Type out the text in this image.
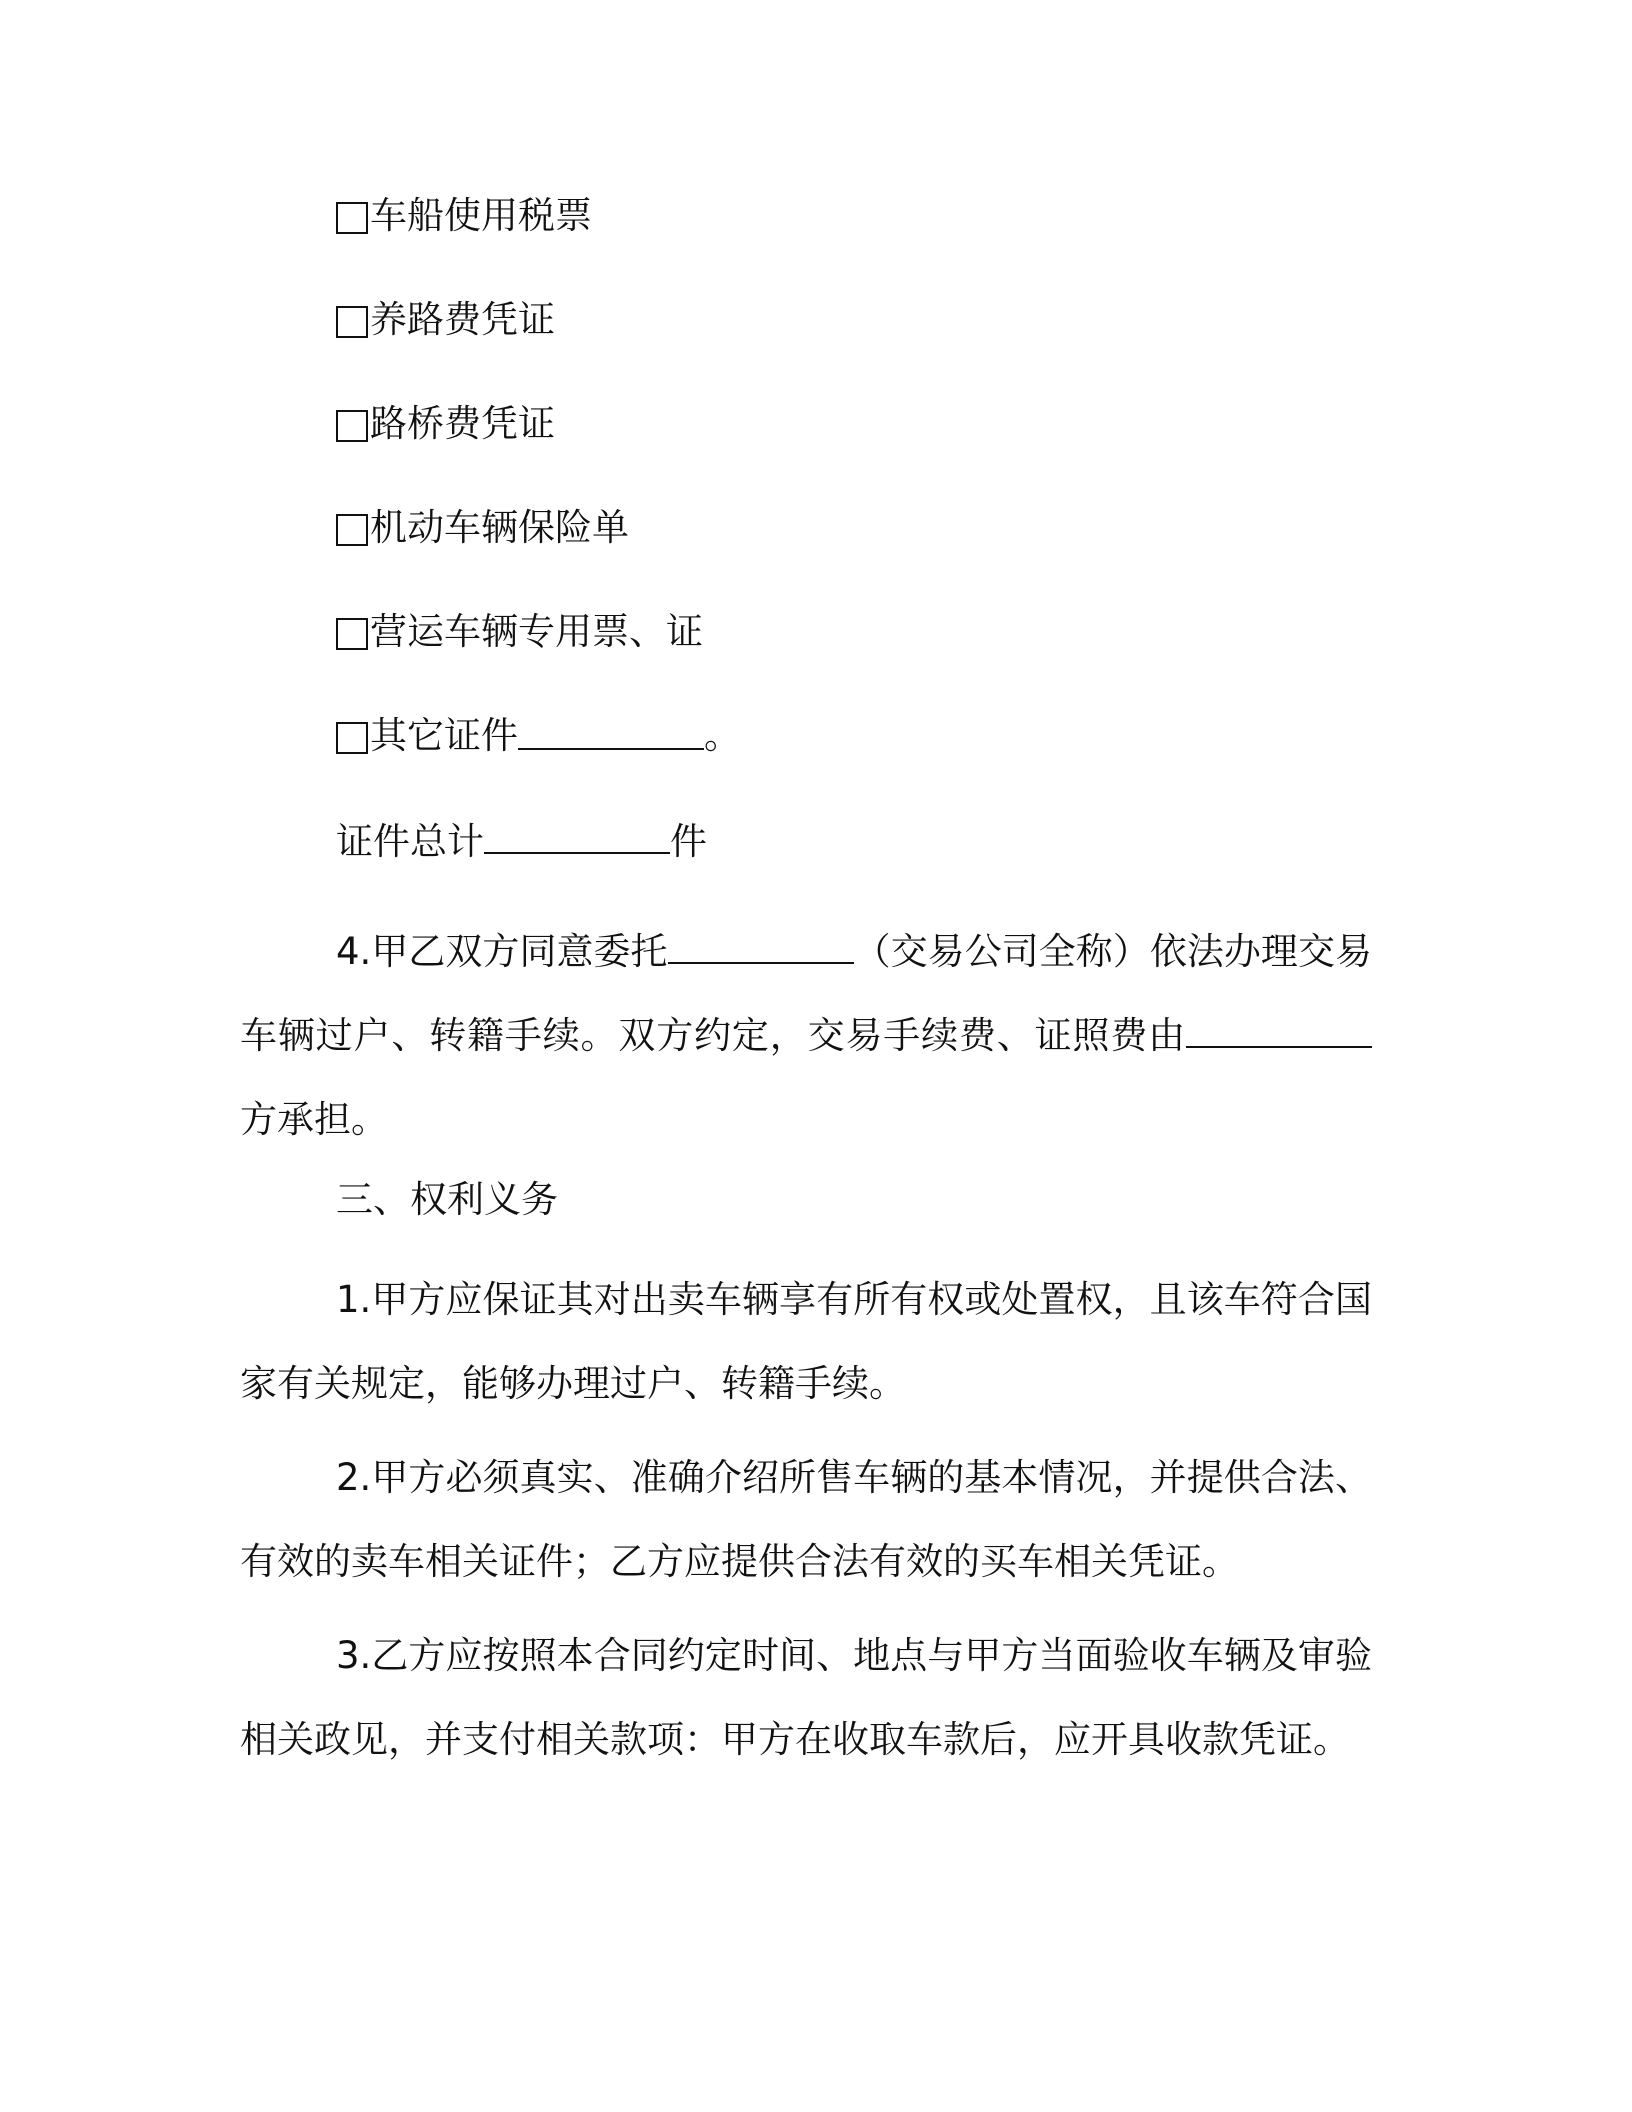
车船使用税票
养路费凭证
路桥费凭证
机动车辆保险单
营运车辆专用票、证
其它证件	。
证件总计	件

4.甲乙双方同意委托	（交易公司全称）依法办理交易车辆过户、转籍手续。双方约定，交易手续费、证照费由方承担。

三、权利义务

1.甲方应保证其对出卖车辆享有所有权或处置权，且该车符合国家有关规定，能够办理过户、转籍手续。

2.甲方必须真实、准确介绍所售车辆的基本情况，并提供合法、有效的卖车相关证件；乙方应提供合法有效的买车相关凭证。

3.乙方应按照本合同约定时间、地点与甲方当面验收车辆及审验相关政见，并支付相关款项：甲方在收取车款后，应开具收款凭证。
